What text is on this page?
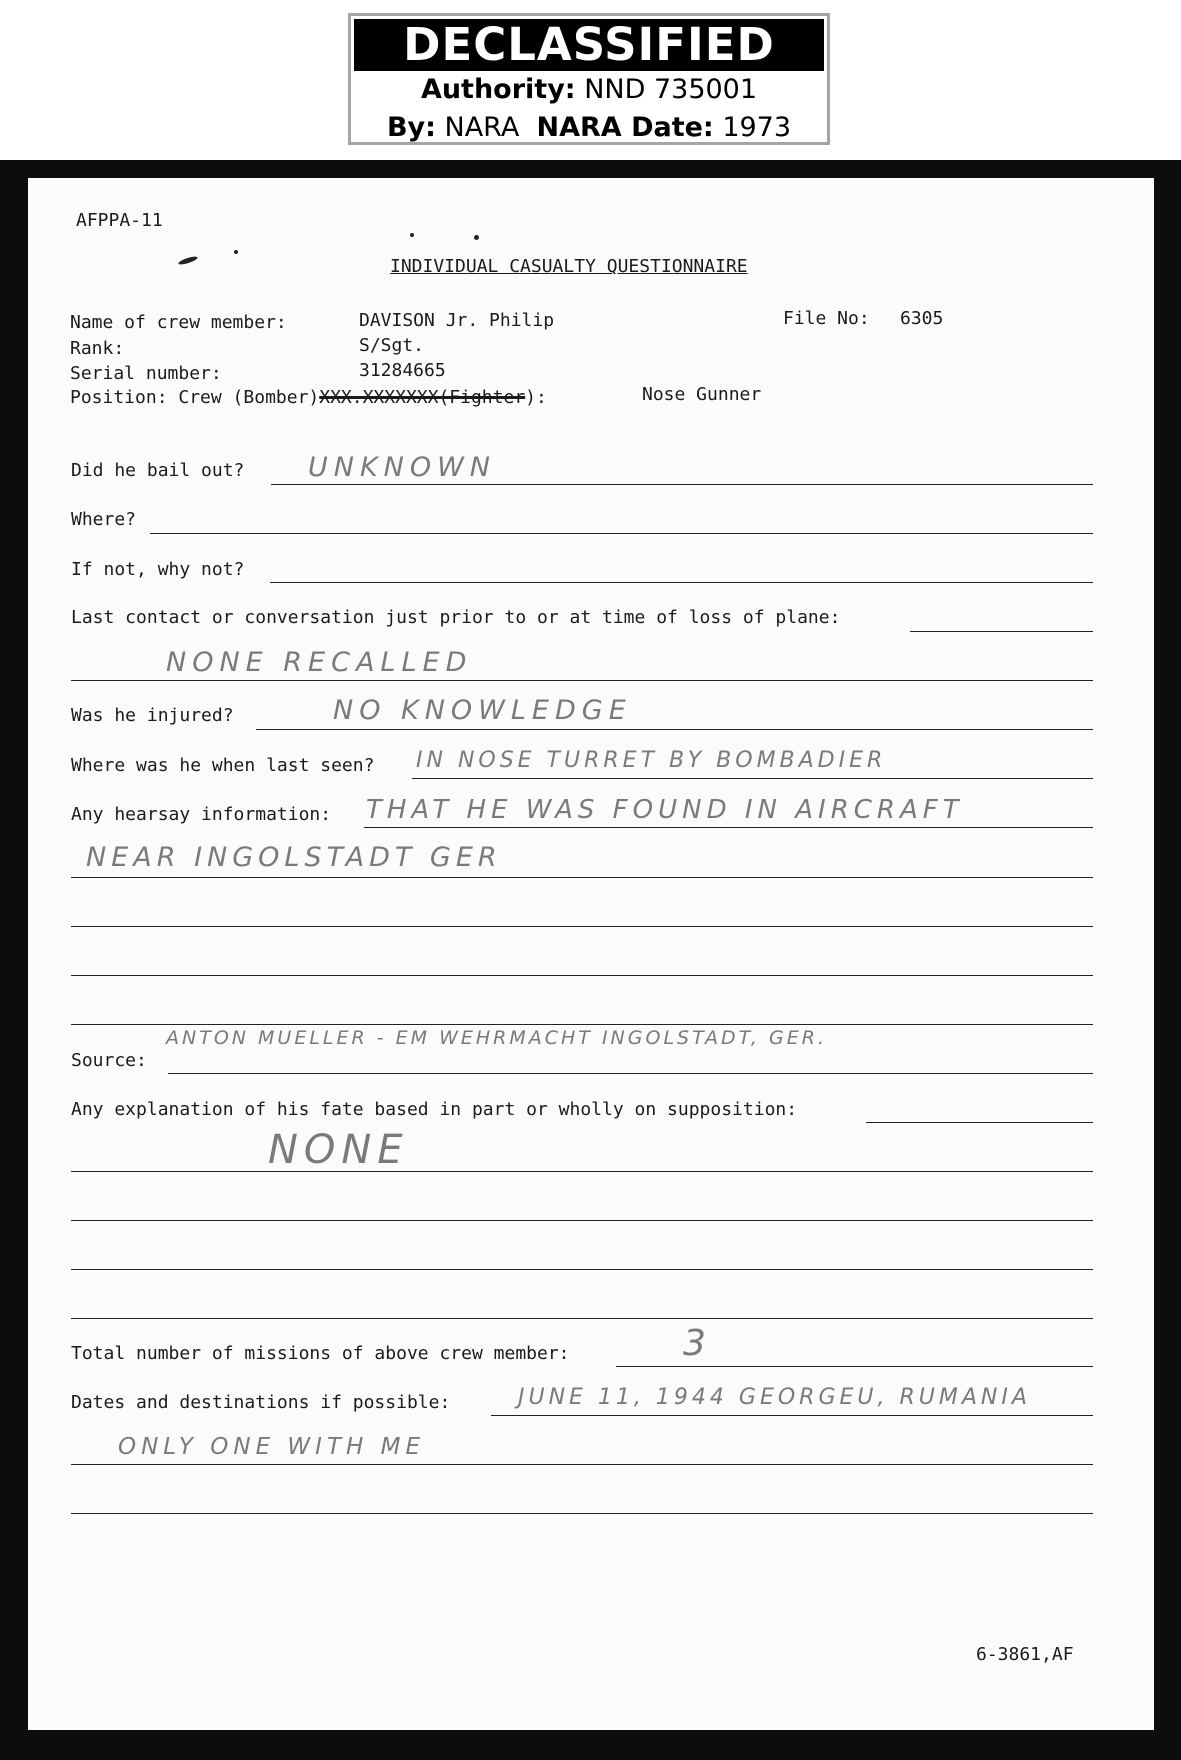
DECLASSIFIED
Authority: NND 735001
By: NARA NARA Date: 1973
AFPPA-11
INDIVIDUAL CASUALTY QUESTIONNAIRE
Name of crew member:	DAVISON Jr. Philip	File No: 6305
Rank:	S/Sgt.
Serial number:	31284665
Position: Crew (Bomber)XXX.XXXXXXX(Fighter):	Nose Gunner
Did he bail out? UNKNOWN
Where?
If not, why not?
Last contact or conversation just prior to or at time of loss of plane:
NONE RECALLED
Was he injured?	NO KNOWLEDGE
Where was he when last seen? IN NOSE TURRET BY BOMBADIER
Any hearsay information: THAT HE WAS FOUND IN AIRCRAFT
NEAR INGOLSTADT GER
Source:
ANTON MUELLER - EM WEHRMACHT INGOLSTADT, GER.
Any explanation of his fate based in part or wholly on supposition:
NONE
Total number of missions of above crew member:	3
Dates and destinations if possible:	JUNE 11, 1944 GEORGEU, RUMANIA
ONLY ONE WITH ME
6-3861,AF
